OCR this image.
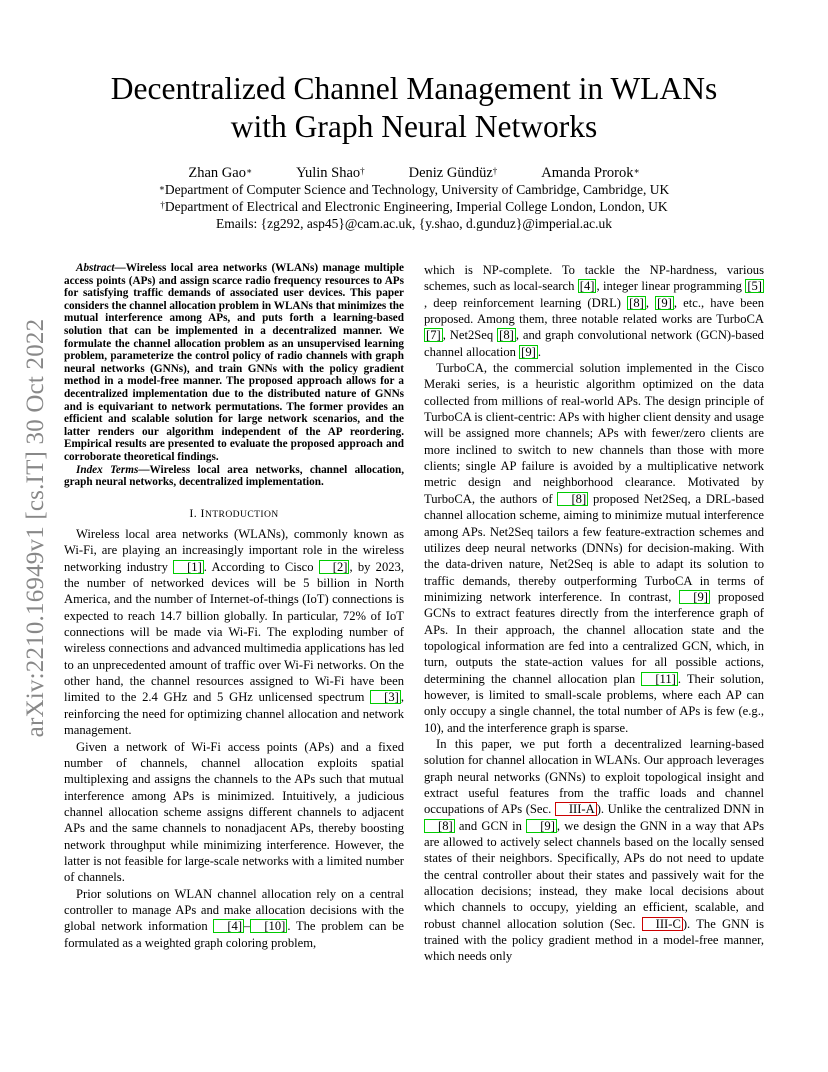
arXiv:2210.16949v1 [cs.IT] 30 Oct 2022
Decentralized Channel Management in WLANs
with Graph Neural Networks
Zhan Gao∗	Yulin Shao†	Deniz Gündüz†	Amanda Prorok∗
∗Department of Computer Science and Technology, University of Cambridge, Cambridge, UK
†Department of Electrical and Electronic Engineering, Imperial College London, London, UK
Emails: {zg292, asp45}@cam.ac.uk, {y.shao, d.gunduz}@imperial.ac.uk

Abstract—Wireless local area networks (WLANs) manage multiple access points (APs) and assign scarce radio frequency resources to APs for satisfying traffic demands of associated user devices. This paper considers the channel allocation problem in WLANs that minimizes the mutual interference among APs, and puts forth a learning-based solution that can be implemented in a decentralized manner. We formulate the channel allocation problem as an unsupervised learning problem, parameterize the control policy of radio channels with graph neural networks (GNNs), and train GNNs with the policy gradient method in a model-free manner. The proposed approach allows for a decentralized implementation due to the distributed nature of GNNs and is equivariant to network permutations. The former provides an efficient and scalable solution for large network scenarios, and the latter renders our algorithm independent of the AP reordering. Empirical results are presented to evaluate the proposed approach and corroborate theoretical findings.

Index Terms—Wireless local area networks, channel allocation, graph neural networks, decentralized implementation.

I. INTRODUCTION

Wireless local area networks (WLANs), commonly known as Wi-Fi, are playing an increasingly important role in the wireless networking industry [1] . According to Cisco [2] , by 2023, the number of networked devices will be 5 billion in North America, and the number of Internet-of-things (IoT) connections is expected to reach 14.7 billion globally. In particular, 72% of IoT connections will be made via Wi-Fi. The exploding number of wireless connections and advanced multimedia applications has led to an unprecedented amount of traffic over Wi-Fi networks. On the other hand, the channel resources assigned to Wi-Fi have been limited to the 2.4 GHz and 5 GHz unlicensed spectrum [3] , reinforcing the need for optimizing channel allocation and network management.

Given a network of Wi-Fi access points (APs) and a fixed number of channels, channel allocation exploits spatial multiplexing and assigns the channels to the APs such that mutual interference among APs is minimized. Intuitively, a judicious channel allocation scheme assigns different channels to adjacent APs and the same channels to nonadjacent APs, thereby boosting network throughput while minimizing interference. However, the latter is not feasible for large-scale networks with a limited number of channels.

Prior solutions on WLAN channel allocation rely on a central controller to manage APs and make allocation decisions with the global network information [4] – [10] . The problem can be formulated as a weighted graph coloring problem,

which is NP-complete. To tackle the NP-hardness, various schemes, such as local-search [4] , integer linear programming [5], deep reinforcement learning (DRL) [8] , [9] , etc., have been proposed. Among them, three notable related works are TurboCA [7] , Net2Seq [8] , and graph convolutional network (GCN)-based channel allocation [9] .

TurboCA, the commercial solution implemented in the Cisco Meraki series, is a heuristic algorithm optimized on the data collected from millions of real-world APs. The design principle of TurboCA is client-centric: APs with higher client density and usage will be assigned more channels; APs with fewer/zero clients are more inclined to switch to new channels than those with more clients; single AP failure is avoided by a multiplicative network metric design and neighborhood clearance. Motivated by TurboCA, the authors of [8] proposed Net2Seq, a DRL-based channel allocation scheme, aiming to minimize mutual interference among APs. Net2Seq tailors a few feature-extraction schemes and utilizes deep neural networks (DNNs) for decision-making. With the data-driven nature, Net2Seq is able to adapt its solution to traffic demands, thereby outperforming TurboCA in terms of minimizing network interference. In contrast, [9] proposed GCNs to extract features directly from the interference graph of APs. In their approach, the channel allocation state and the topological information are fed into a centralized GCN, which, in turn, outputs the state-action values for all possible actions, determining the channel allocation plan [11] . Their solution, however, is limited to small-scale problems, where each AP can only occupy a single channel, the total number of APs is few (e.g., 10), and the interference graph is sparse.

In this paper, we put forth a decentralized learning-based solution for channel allocation in WLANs. Our approach leverages graph neural networks (GNNs) to exploit topological insight and extract useful features from the traffic loads and channel occupations of APs (Sec. III-A ). Unlike the centralized DNN in [8] and GCN in [9] , we design the GNN in a way that APs are allowed to actively select channels based on the locally sensed states of their neighbors. Specifically, APs do not need to update the central controller about their states and passively wait for the allocation decisions; instead, they make local decisions about which channels to occupy, yielding an efficient, scalable, and robust channel allocation solution (Sec. III-C ). The GNN is trained with the policy gradient method in a model-free manner, which needs only
